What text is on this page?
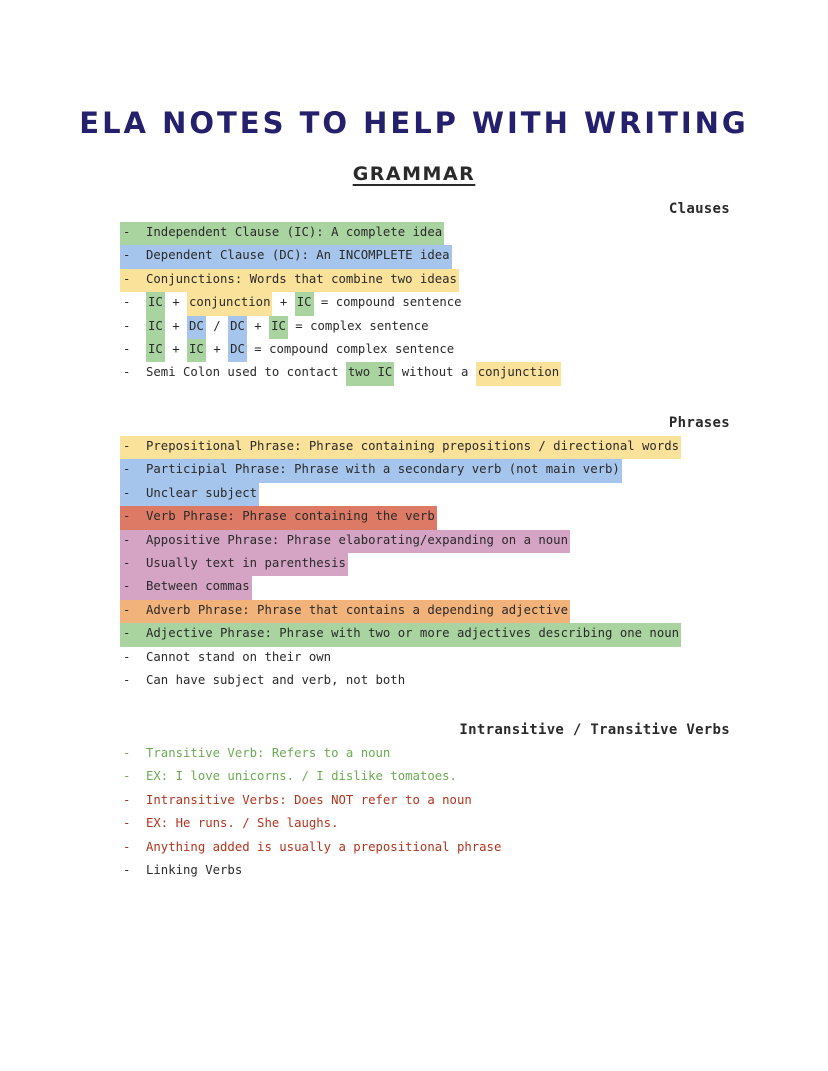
ELA NOTES TO HELP WITH WRITING
GRAMMAR
Clauses
-	Independent Clause (IC): A complete idea
-	Dependent Clause (DC): An INCOMPLETE idea
-	Conjunctions: Words that combine two ideas
-	IC + conjunction + IC = compound sentence
-	IC + DC / DC + IC = complex sentence
-	IC + IC + DC = compound complex sentence
-	Semi Colon used to contact two IC without a conjunction
Phrases
-	Prepositional Phrase: Phrase containing prepositions / directional words
-	Participial Phrase: Phrase with a secondary verb (not main verb)
-	Unclear subject
-	Verb Phrase: Phrase containing the verb
-	Appositive Phrase: Phrase elaborating/expanding on a noun
-	Usually text in parenthesis
-	Between commas
-	Adverb Phrase: Phrase that contains a depending adjective
-	Adjective Phrase: Phrase with two or more adjectives describing one noun
-	Cannot stand on their own
-	Can have subject and verb, not both
Intransitive / Transitive Verbs
-	Transitive Verb: Refers to a noun
-	EX: I love unicorns. / I dislike tomatoes.
-	Intransitive Verbs: Does NOT refer to a noun
-	EX: He runs. / She laughs.
-	Anything added is usually a prepositional phrase
-	Linking Verbs
